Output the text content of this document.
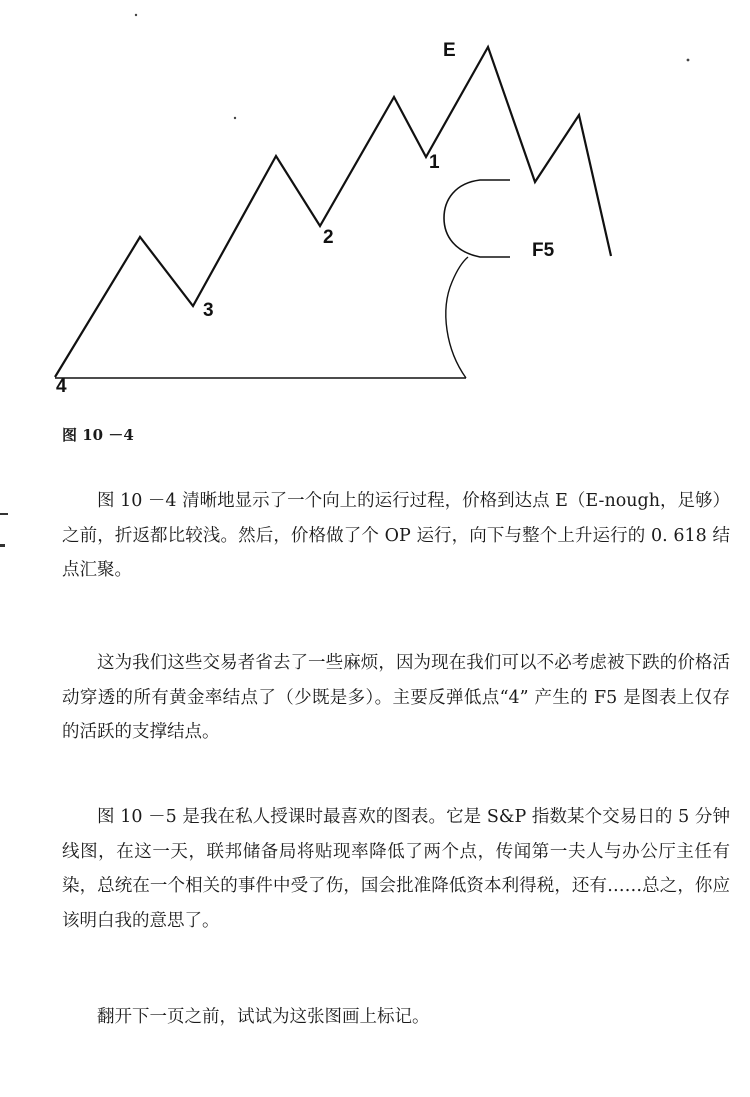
E
1
2
3
4
F5
图 10 －4

图 10 －4 清晰地显示了一个向上的运行过程，价格到达点 E（E-nough，足够）之前，折返都比较浅。然后，价格做了个 OP 运行，向下与整个上升运行的 0. 618 结点汇聚。

这为我们这些交易者省去了一些麻烦，因为现在我们可以不必考虑被下跌的价格活动穿透的所有黄金率结点了（少既是多）。主要反弹低点“4” 产生的 F5 是图表上仅存的活跃的支撑结点。

图 10 －5 是我在私人授课时最喜欢的图表。它是 S&P 指数某个交易日的 5 分钟线图，在这一天，联邦储备局将贴现率降低了两个点，传闻第一夫人与办公厅主任有染，总统在一个相关的事件中受了伤，国会批准降低资本利得税，还有……总之，你应该明白我的意思了。

翻开下一页之前，试试为这张图画上标记。
